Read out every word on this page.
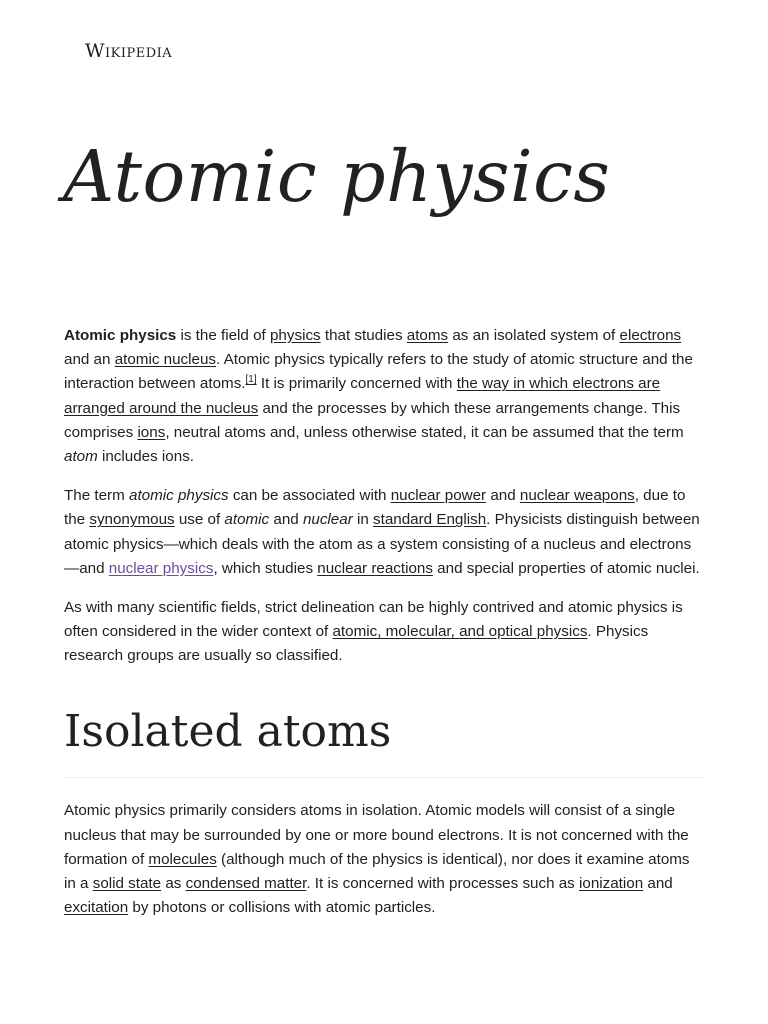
Wikipedia
Atomic physics

Atomic physics is the field of physics that studies atoms as an isolated system of electrons and an atomic nucleus. Atomic physics typically refers to the study of atomic structure and the interaction between atoms.[1] It is primarily concerned with the way in which electrons are arranged around the nucleus and the processes by which these arrangements change. This comprises ions, neutral atoms and, unless otherwise stated, it can be assumed that the term atom includes ions.

The term atomic physics can be associated with nuclear power and nuclear weapons, due to the synonymous use of atomic and nuclear in standard English. Physicists distinguish between atomic physics—which deals with the atom as a system consisting of a nucleus and electrons—and nuclear physics, which studies nuclear reactions and special properties of atomic nuclei.

As with many scientific fields, strict delineation can be highly contrived and atomic physics is often considered in the wider context of atomic, molecular, and optical physics. Physics research groups are usually so classified.

Isolated atoms

Atomic physics primarily considers atoms in isolation. Atomic models will consist of a single nucleus that may be surrounded by one or more bound electrons. It is not concerned with the formation of molecules (although much of the physics is identical), nor does it examine atoms in a solid state as condensed matter. It is concerned with processes such as ionization and excitation by photons or collisions with atomic particles.
